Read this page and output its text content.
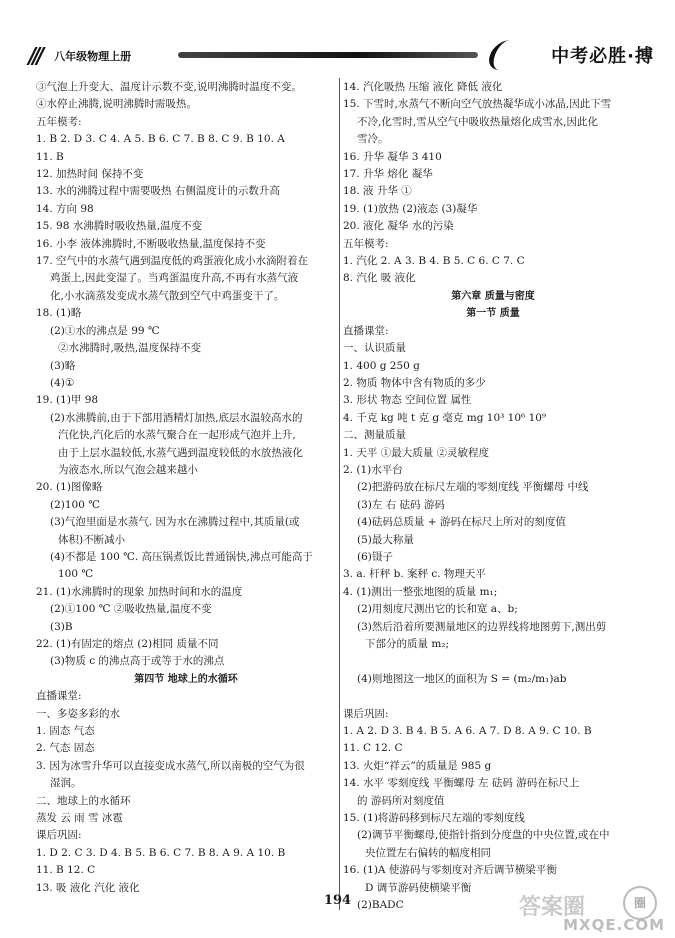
/// 八年级物理上册	中考必胜·搏
③气泡上升变大、温度计示数不变,说明沸腾时温度不变。
④水停止沸腾,说明沸腾时需吸热。
五年模考:
1. B 2. D 3. C 4. A 5. B 6. C 7. B 8. C 9. B 10. A
11. B
12. 加热时间 保持不变
13. 水的沸腾过程中需要吸热 右侧温度计的示数升高
14. 方向 98
15. 98 水沸腾时吸收热量,温度不变
16. 小李 液体沸腾时,不断吸收热量,温度保持不变
17. 空气中的水蒸气遇到温度低的鸡蛋液化成小水滴附着在
鸡蛋上,因此变湿了。当鸡蛋温度升高,不再有水蒸气液
化,小水滴蒸发变成水蒸气散到空气中鸡蛋变干了。
18. (1)略
(2)①水的沸点是 99 ℃
②水沸腾时,吸热,温度保持不变
(3)略
(4)①
19. (1)甲 98
(2)水沸腾前,由于下部用酒精灯加热,底层水温较高水的
汽化快,汽化后的水蒸气聚合在一起形成气泡并上升,
由于上层水温较低,水蒸气遇到温度较低的水放热液化
为液态水,所以气泡会越来越小
20. (1)图像略
(2)100 ℃
(3)气泡里面是水蒸气. 因为水在沸腾过程中,其质量(或
体积)不断减小
(4)不都是 100 ℃. 高压锅煮饭比普通锅快,沸点可能高于
100 ℃
21. (1)水沸腾时的现象 加热时间和水的温度
(2)①100 ℃ ②吸收热量,温度不变
(3)B
22. (1)有固定的熔点 (2)相同 质量不同
(3)物质 c 的沸点高于或等于水的沸点
第四节 地球上的水循环
直播课堂:
一、多姿多彩的水
1. 固态 气态
2. 气态 固态
3. 因为冰雪升华可以直接变成水蒸气,所以南极的空气为很
湿润。
二、地球上的水循环
蒸发 云 雨 雪 冰雹
课后巩固:
1. D 2. C 3. D 4. B 5. B 6. C 7. B 8. A 9. A 10. B
11. B 12. C
13. 吸 液化 汽化 液化
14. 汽化吸热 压缩 液化 降低 液化
15. 下雪时,水蒸气不断向空气放热凝华成小冰晶,因此下雪
不冷,化雪时,雪从空气中吸收热量熔化成雪水,因此化
雪冷。
16. 升华 凝华 3 410
17. 升华 熔化 凝华
18. 液 升华 ①
19. (1)放热 (2)液态 (3)凝华
20. 液化 凝华 水的污染
五年模考:
1. 汽化 2. A 3. B 4. B 5. C 6. C 7. C
8. 汽化 吸 液化
第六章 质量与密度
第一节 质量
直播课堂:
一、认识质量
1. 400 g 250 g
2. 物质 物体中含有物质的多少
3. 形状 物态 空间位置 属性
4. 千克 kg 吨 t 克 g 毫克 mg 10³ 10⁶ 10⁹
二、测量质量
1. 天平 ①最大质量 ②灵敏程度
2. (1)水平台
(2)把游码放在标尺左端的零刻度线 平衡螺母 中线
(3)左 右 砝码 游码
(4)砝码总质量 + 游码在标尺上所对的刻度值
(5)最大称量
(6)镊子
3. a. 杆秤 b. 案秤 c. 物理天平
4. (1)测出一整张地图的质量 m₁;
(2)用刻度尺测出它的长和宽 a、b;
(3)然后沿着所要测量地区的边界线将地图剪下,测出剪
下部分的质量 m₂;

(4)则地图这一地区的面积为 S = (m₂/m₁)ab

课后巩固:
1. A 2. D 3. B 4. B 5. A 6. A 7. D 8. A 9. C 10. B
11. C 12. C
13. 火炬“祥云”的质量是 985 g
14. 水平 零刻度线 平衡螺母 左 砝码 游码在标尺上
的 游码所对刻度值
15. (1)将游码移到标尺左端的零刻度线
(2)调节平衡螺母,使指针指到分度盘的中央位置,或在中
央位置左右偏转的幅度相同
16. (1)A 使游码与零刻度对齐后调节横梁平衡
D 调节游码使横梁平衡
(2)BADC
194	答案圈	圈
MXQE.COM
